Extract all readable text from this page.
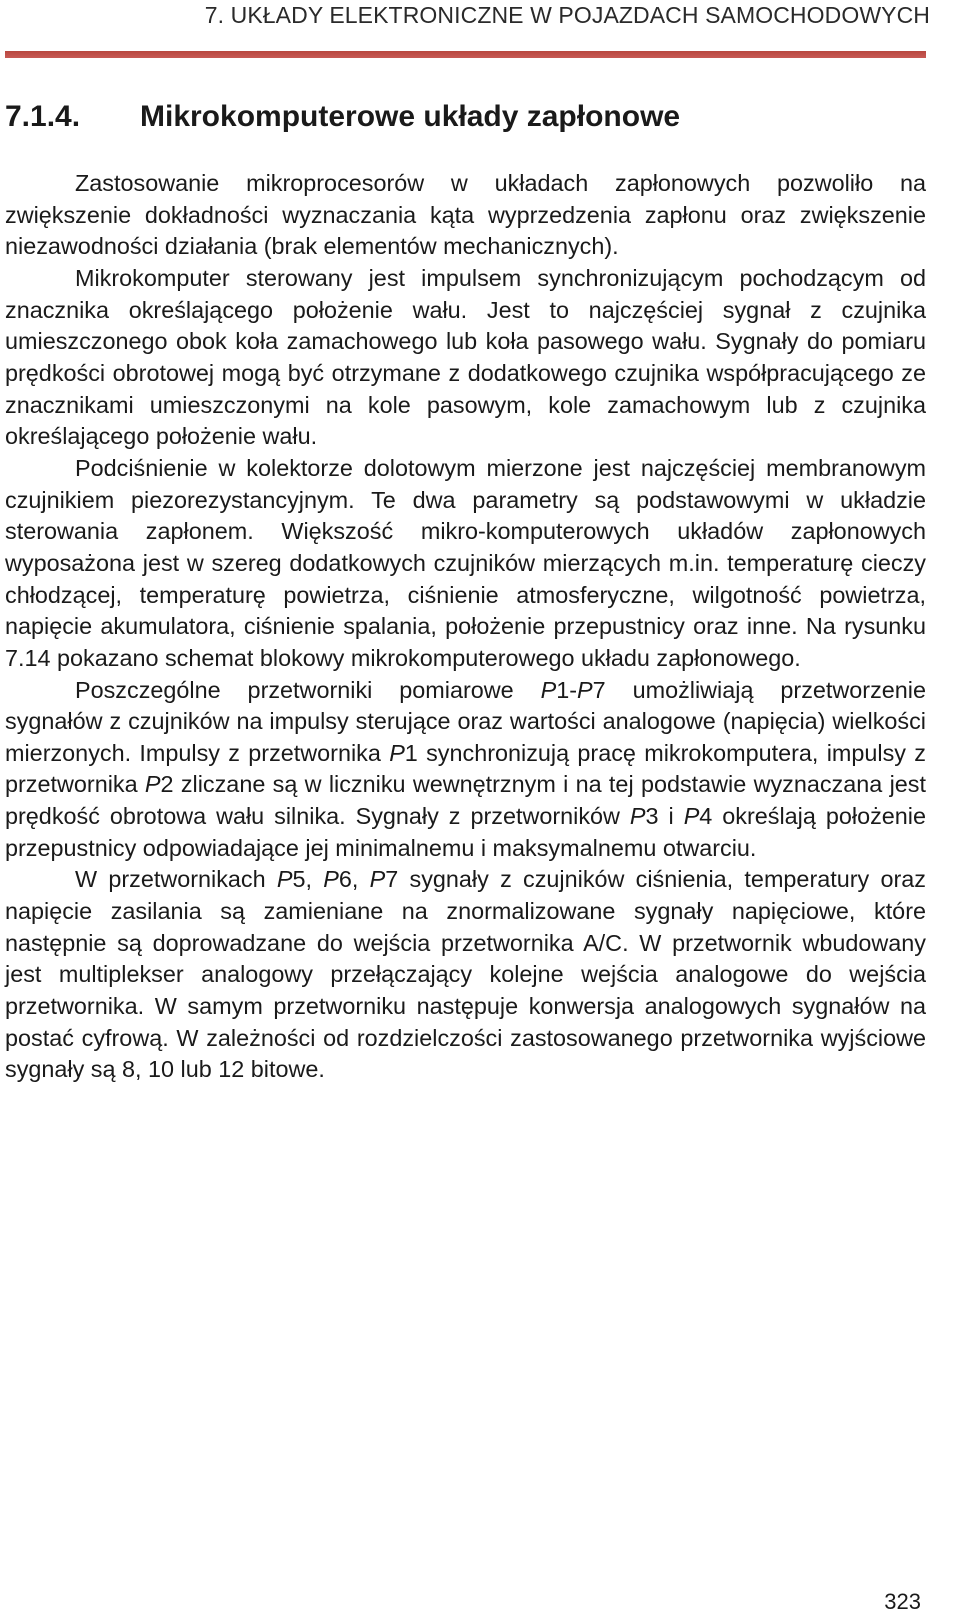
7. UKŁADY ELEKTRONICZNE W POJAZDACH SAMOCHODOWYCH
7.1.4. Mikrokomputerowe układy zapłonowe

Zastosowanie mikroprocesorów w układach zapłonowych pozwoliło na zwiększenie dokładności wyznaczania kąta wyprzedzenia zapłonu oraz zwiększenie niezawodności działania (brak elementów mechanicznych).

Mikrokomputer sterowany jest impulsem synchronizującym pochodzącym od znacznika określającego położenie wału. Jest to najczęściej sygnał z czujnika umieszczonego obok koła zamachowego lub koła pasowego wału. Sygnały do pomiaru prędkości obrotowej mogą być otrzymane z dodatkowego czujnika współpracującego ze znacznikami umieszczonymi na kole pasowym, kole zamachowym lub z czujnika określającego położenie wału.

Podciśnienie w kolektorze dolotowym mierzone jest najczęściej membranowym czujnikiem piezorezystancyjnym. Te dwa parametry są podstawowymi w układzie sterowania zapłonem. Większość mikro-komputerowych układów zapłonowych wyposażona jest w szereg dodatkowych czujników mierzących m.in. temperaturę cieczy chłodzącej, temperaturę powietrza, ciśnienie atmosferyczne, wilgotność powietrza, napięcie akumulatora, ciśnienie spalania, położenie przepustnicy oraz inne. Na rysunku 7.14 pokazano schemat blokowy mikrokomputerowego układu zapłonowego.

Poszczególne przetworniki pomiarowe P1-P7 umożliwiają przetworzenie sygnałów z czujników na impulsy sterujące oraz wartości analogowe (napięcia) wielkości mierzonych. Impulsy z przetwornika P1 synchronizują pracę mikrokomputera, impulsy z przetwornika P2 zliczane są w liczniku wewnętrznym i na tej podstawie wyznaczana jest prędkość obrotowa wału silnika. Sygnały z przetworników P3 i P4 określają położenie przepustnicy odpowiadające jej minimalnemu i maksymalnemu otwarciu.

W przetwornikach P5, P6, P7 sygnały z czujników ciśnienia, temperatury oraz napięcie zasilania są zamieniane na znormalizowane sygnały napięciowe, które następnie są doprowadzane do wejścia przetwornika A/C. W przetwornik wbudowany jest multiplekser analogowy przełączający kolejne wejścia analogowe do wejścia przetwornika. W samym przetworniku następuje konwersja analogowych sygnałów na postać cyfrową. W zależności od rozdzielczości zastosowanego przetwornika wyjściowe sygnały są 8, 10 lub 12 bitowe.

323
